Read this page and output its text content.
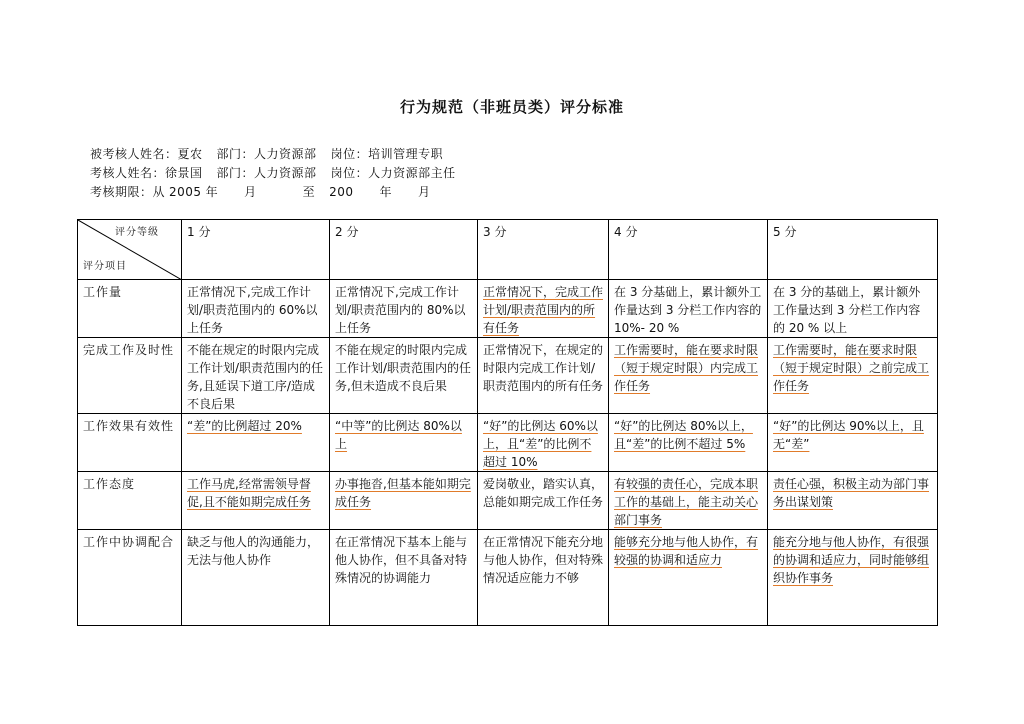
行为规范（非班员类）评分标准
被考核人姓名：夏农 部门：人力资源部 岗位：培训管理专职
考核人姓名：徐景国 部门：人力资源部 岗位：人力资源部主任
考核期限：从 2005 年 月	至 200 年 月
评分等级
评分项目	1 分	2 分	3 分	4 分	5 分
工作量	正常情况下,完成工作计划/职责范围内的 60%以上任务	正常情况下,完成工作计划/职责范围内的 80%以上任务	正常情况下，完成工作计划/职责范围内的所有任务	在 3 分基础上，累计额外工作量达到 3 分栏工作内容的 10%- 20 %	在 3 分的基础上，累计额外工作量达到 3 分栏工作内容的 20 % 以上
完成工作及时性	不能在规定的时限内完成工作计划/职责范围内的任务,且延误下道工序/造成不良后果	不能在规定的时限内完成工作计划/职责范围内的任务,但未造成不良后果	正常情况下，在规定的时限内完成工作计划/职责范围内的所有任务	工作需要时，能在要求时限（短于规定时限）内完成工作任务	工作需要时，能在要求时限（短于规定时限）之前完成工作任务
工作效果有效性	“差”的比例超过 20%	“中等”的比例达 80%以上	“好”的比例达 60%以上，且“差”的比例不超过 10%	“好”的比例达 80%以上，且“差”的比例不超过 5%	“好”的比例达 90%以上，且无“差”
工作态度	工作马虎,经常需领导督促,且不能如期完成任务	办事拖沓,但基本能如期完成任务	爱岗敬业，踏实认真，总能如期完成工作任务	有较强的责任心，完成本职工作的基础上，能主动关心部门事务	责任心强，积极主动为部门事务出谋划策
工作中协调配合	缺乏与他人的沟通能力，无法与他人协作	在正常情况下基本上能与他人协作，但不具备对特殊情况的协调能力	在正常情况下能充分地与他人协作，但对特殊情况适应能力不够	能够充分地与他人协作，有较强的协调和适应力	能充分地与他人协作，有很强的协调和适应力，同时能够组织协作事务
